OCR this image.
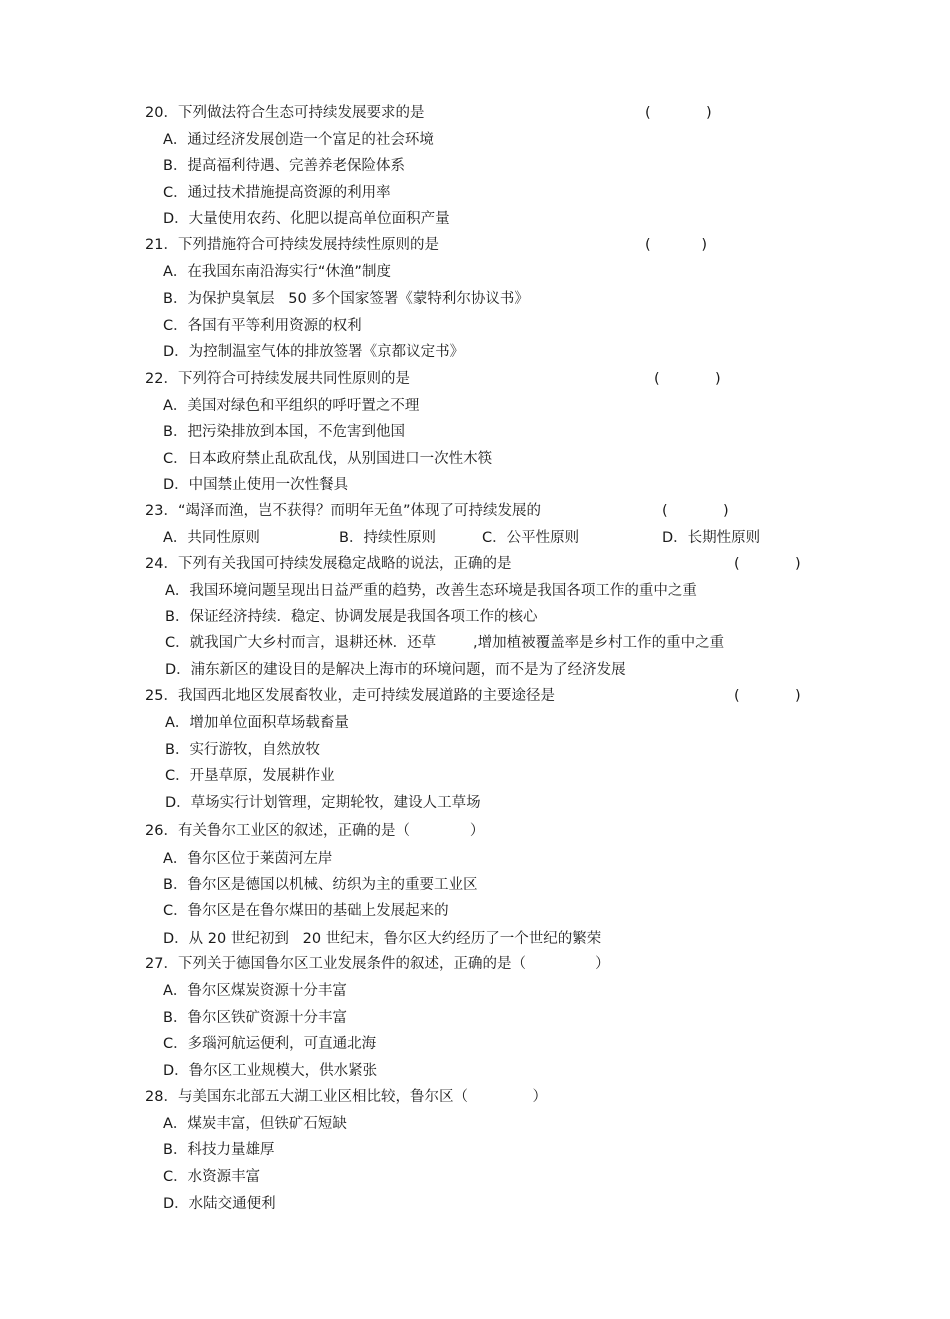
20．下列做法符合生态可持续发展要求的是	(            )
A．通过经济发展创造一个富足的社会环境
B．提高福利待遇、完善养老保险体系
C．通过技术措施提高资源的利用率
D．大量使用农药、化肥以提高单位面积产量
21．下列措施符合可持续发展持续性原则的是	(           )
A．在我国东南沿海实行“休渔”制度
B．为保护臭氧层   50 多个国家签署《蒙特利尔协议书》
C．各国有平等利用资源的权利
D．为控制温室气体的排放签署《京都议定书》
22．下列符合可持续发展共同性原则的是	(            )
A．美国对绿色和平组织的呼吁置之不理
B．把污染排放到本国，不危害到他国
C．日本政府禁止乱砍乱伐，从别国进口一次性木筷
D．中国禁止使用一次性餐具
23．“竭泽而渔，岂不获得？而明年无鱼”体现了可持续发展的	(            )
A．共同性原则	B．持续性原则	C．公平性原则	D．长期性原则
24．下列有关我国可持续发展稳定战略的说法，正确的是	(            )
A．我国环境问题呈现出日益严重的趋势，改善生态环境是我国各项工作的重中之重
B．保证经济持续．稳定、协调发展是我国各项工作的核心
C．就我国广大乡村而言，退耕还林．还草        ,增加植被覆盖率是乡村工作的重中之重
D．浦东新区的建设目的是解决上海市的环境问题，而不是为了经济发展
25．我国西北地区发展畜牧业，走可持续发展道路的主要途径是	(            )
A．增加单位面积草场载畜量
B．实行游牧，自然放牧
C．开垦草原，发展耕作业
D．草场实行计划管理，定期轮牧，建设人工草场
26．有关鲁尔工业区的叙述，正确的是（             ）
A．鲁尔区位于莱茵河左岸
B．鲁尔区是德国以机械、纺织为主的重要工业区
C．鲁尔区是在鲁尔煤田的基础上发展起来的
D．从 20 世纪初到   20 世纪末，鲁尔区大约经历了一个世纪的繁荣
27．下列关于德国鲁尔区工业发展条件的叙述，正确的是（               ）
A．鲁尔区煤炭资源十分丰富
B．鲁尔区铁矿资源十分丰富
C．多瑙河航运便利，可直通北海
D．鲁尔区工业规模大，供水紧张
28．与美国东北部五大湖工业区相比较，鲁尔区（              ）
A．煤炭丰富，但铁矿石短缺
B．科技力量雄厚
C．水资源丰富
D．水陆交通便利
